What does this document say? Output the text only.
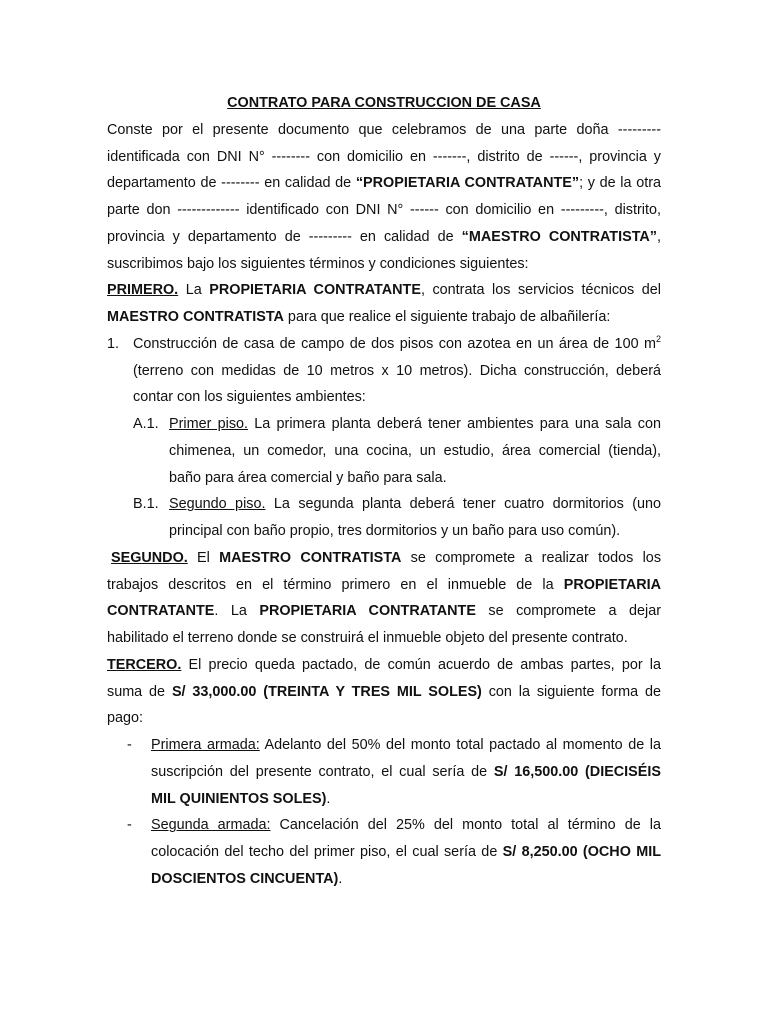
CONTRATO PARA CONSTRUCCION DE CASA
Conste por el presente documento que celebramos de una parte doña --------- identificada con DNI N° -------- con domicilio en -------, distrito de ------, provincia y departamento de -------- en calidad de “PROPIETARIA CONTRATANTE”; y de la otra parte don ------------- identificado con DNI N° ------ con domicilio en ---------, distrito, provincia y departamento de --------- en calidad de “MAESTRO CONTRATISTA”, suscribimos bajo los siguientes términos y condiciones siguientes:
PRIMERO. La PROPIETARIA CONTRATANTE, contrata los servicios técnicos del MAESTRO CONTRATISTA para que realice el siguiente trabajo de albañilería:
1. Construcción de casa de campo de dos pisos con azotea en un área de 100 $m^2$ (terreno con medidas de 10 metros x 10 metros). Dicha construcción, deberá contar con los siguientes ambientes:
A.1. Primer piso. La primera planta deberá tener ambientes para una sala con chimenea, un comedor, una cocina, un estudio, área comercial (tienda), baño para área comercial y baño para sala.
B.1. Segundo piso. La segunda planta deberá tener cuatro dormitorios (uno principal con baño propio, tres dormitorios y un baño para uso común).
SEGUNDO. El MAESTRO CONTRATISTA se compromete a realizar todos los trabajos descritos en el término primero en el inmueble de la PROPIETARIA CONTRATANTE. La PROPIETARIA CONTRATANTE se compromete a dejar habilitado el terreno donde se construirá el inmueble objeto del presente contrato.
TERCERO. El precio queda pactado, de común acuerdo de ambas partes, por la suma de S/ 33,000.00 (TREINTA Y TRES MIL SOLES) con la siguiente forma de pago:
- Primera armada: Adelanto del 50% del monto total pactado al momento de la suscripción del presente contrato, el cual sería de S/ 16,500.00 (DIECISÉIS MIL QUINIENTOS SOLES).
- Segunda armada: Cancelación del 25% del monto total al término de la colocación del techo del primer piso, el cual sería de S/ 8,250.00 (OCHO MIL DOSCIENTOS CINCUENTA).
